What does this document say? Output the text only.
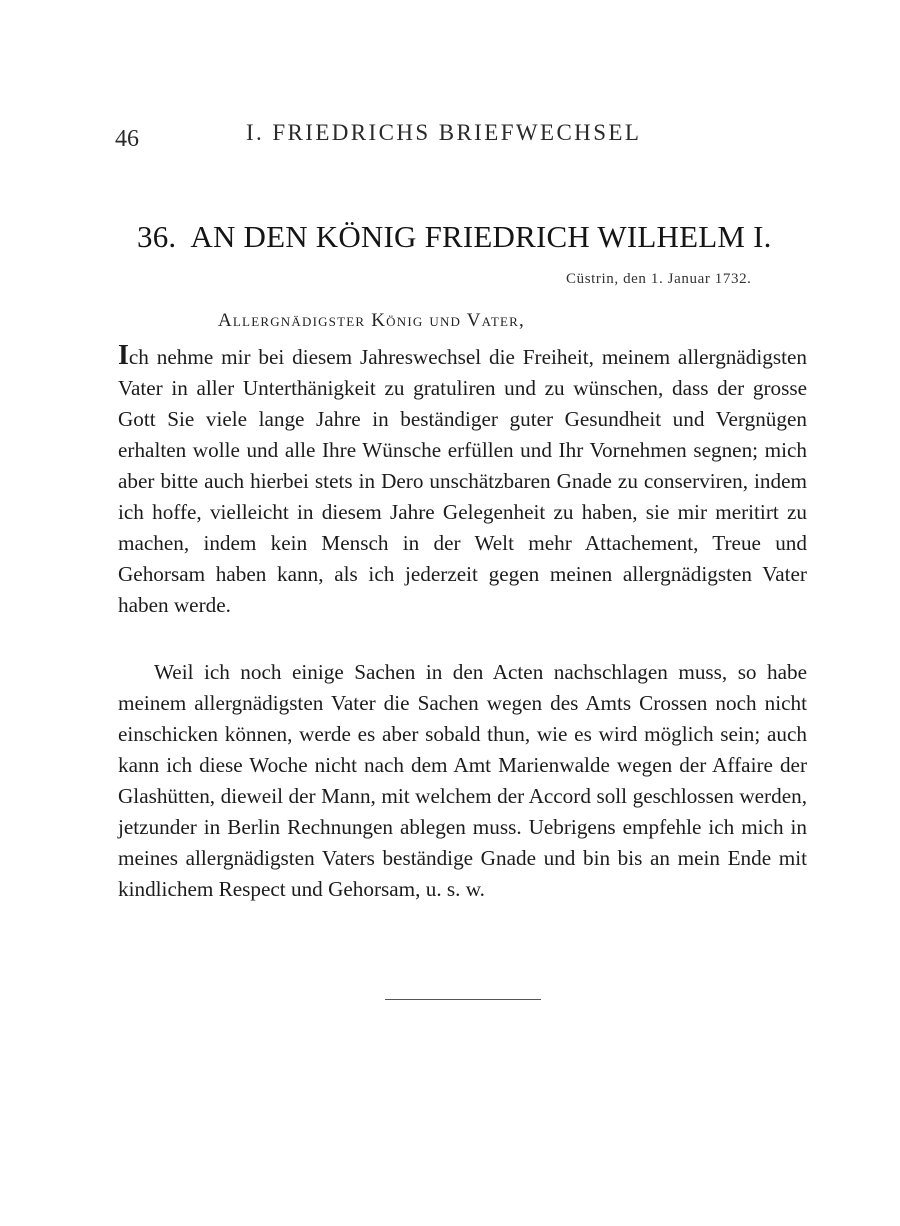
46	I. FRIEDRICHS BRIEFWECHSEL
36. AN DEN KÖNIG FRIEDRICH WILHELM I.
Cüstrin, den 1. Januar 1732.
Allergnädigster König und Vater,

Ich nehme mir bei diesem Jahreswechsel die Freiheit, meinem allergnädigsten Vater in aller Unterthänigkeit zu gratuliren und zu wünschen, dass der grosse Gott Sie viele lange Jahre in beständiger guter Gesundheit und Vergnügen erhalten wolle und alle Ihre Wünsche erfüllen und Ihr Vornehmen segnen; mich aber bitte auch hierbei stets in Dero unschätzbaren Gnade zu conserviren, indem ich hoffe, vielleicht in diesem Jahre Gelegenheit zu haben, sie mir meritirt zu machen, indem kein Mensch in der Welt mehr Attachement, Treue und Gehorsam haben kann, als ich jederzeit gegen meinen allergnädigsten Vater haben werde.

Weil ich noch einige Sachen in den Acten nachschlagen muss, so habe meinem allergnädigsten Vater die Sachen wegen des Amts Crossen noch nicht einschicken können, werde es aber sobald thun, wie es wird möglich sein; auch kann ich diese Woche nicht nach dem Amt Marienwalde wegen der Affaire der Glashütten, dieweil der Mann, mit welchem der Accord soll geschlossen werden, jetzunder in Berlin Rechnungen ablegen muss. Uebrigens empfehle ich mich in meines allergnädigsten Vaters beständige Gnade und bin bis an mein Ende mit kindlichem Respect und Gehorsam, u. s. w.
